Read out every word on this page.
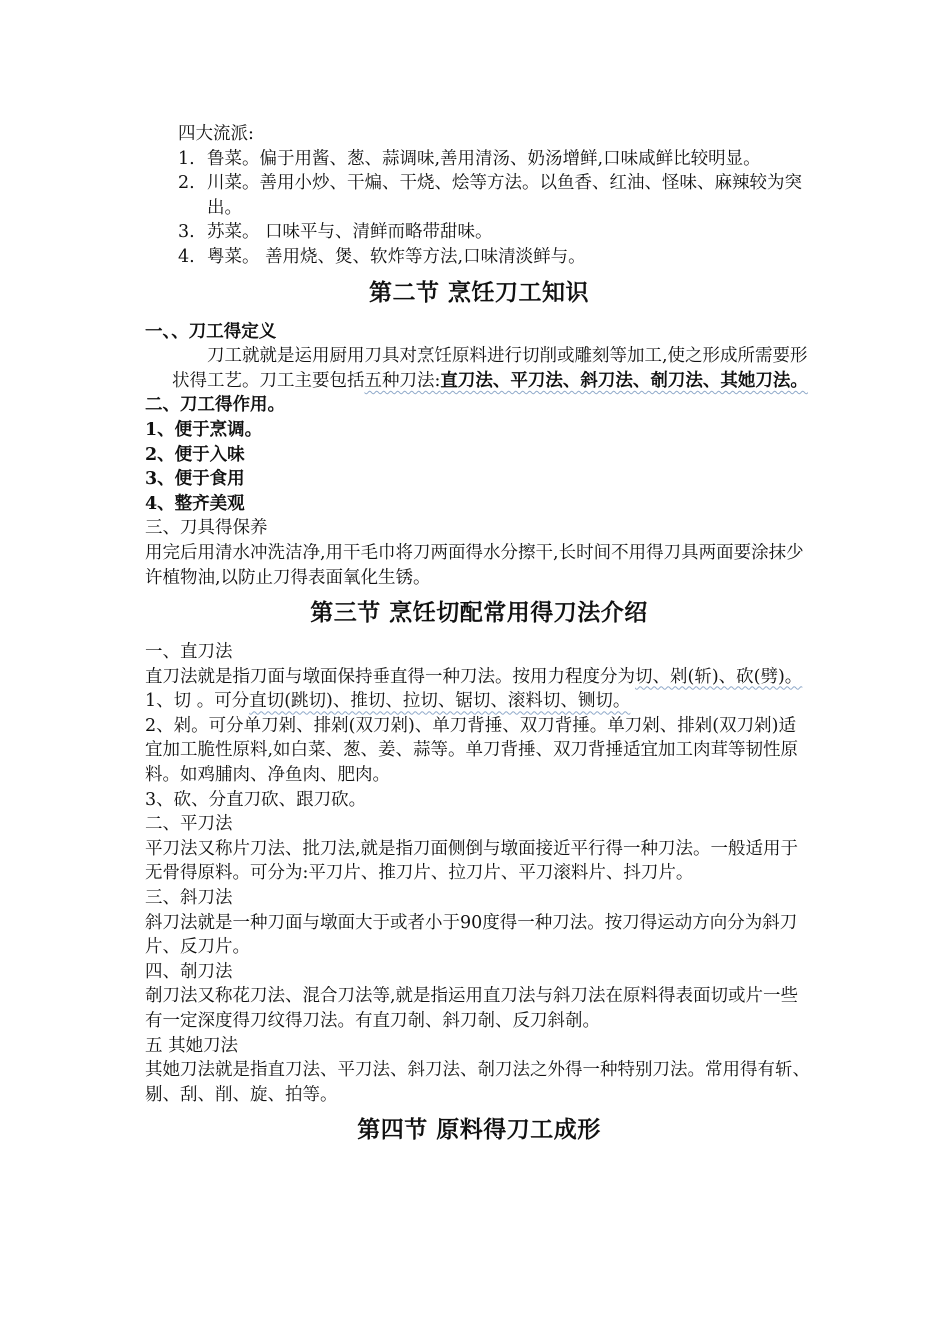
四大流派:

1. 鲁菜。偏于用酱、葱、蒜调味,善用清汤、奶汤增鲜,口味咸鲜比较明显。
2. 川菜。善用小炒、干煸、干烧、烩等方法。以鱼香、红油、怪味、麻辣较为突出。
3. 苏菜。 口味平与、清鲜而略带甜味。
4. 粤菜。 善用烧、煲、软炸等方法,口味清淡鲜与。
第二节 烹饪刀工知识

一、、刀工得定义

刀工就就是运用厨用刀具对烹饪原料进行切削或雕刻等加工,使之形成所需要形状得工艺。刀工主要包括五种刀法:直刀法、平刀法、斜刀法、剞刀法、其她刀法。

二、刀工得作用。

1、便于烹调。

2、便于入味

3、便于食用

4、整齐美观

三、刀具得保养

用完后用清水冲洗洁净,用干毛巾将刀两面得水分擦干,长时间不用得刀具两面要涂抹少许植物油,以防止刀得表面氧化生锈。

第三节 烹饪切配常用得刀法介绍

一、直刀法

直刀法就是指刀面与墩面保持垂直得一种刀法。按用力程度分为切、剁(斩)、砍(劈)。

1、切 。可分直切(跳切)、推切、拉切、锯切、滚料切、铡切。

2、剁。可分单刀剁、排剁(双刀剁)、单刀背捶、双刀背捶。单刀剁、排剁(双刀剁)适宜加工脆性原料,如白菜、葱、姜、蒜等。单刀背捶、双刀背捶适宜加工肉茸等韧性原料。如鸡脯肉、净鱼肉、肥肉。

3、砍、分直刀砍、跟刀砍。

二、平刀法

平刀法又称片刀法、批刀法,就是指刀面侧倒与墩面接近平行得一种刀法。一般适用于无骨得原料。可分为:平刀片、推刀片、拉刀片、平刀滚料片、抖刀片。

三、斜刀法

斜刀法就是一种刀面与墩面大于或者小于90度得一种刀法。按刀得运动方向分为斜刀片、反刀片。

四、剞刀法

剞刀法又称花刀法、混合刀法等,就是指运用直刀法与斜刀法在原料得表面切或片一些有一定深度得刀纹得刀法。有直刀剞、斜刀剞、反刀斜剞。

五 其她刀法

其她刀法就是指直刀法、平刀法、斜刀法、剞刀法之外得一种特别刀法。常用得有斩、剔、刮、削、旋、拍等。

第四节 原料得刀工成形
